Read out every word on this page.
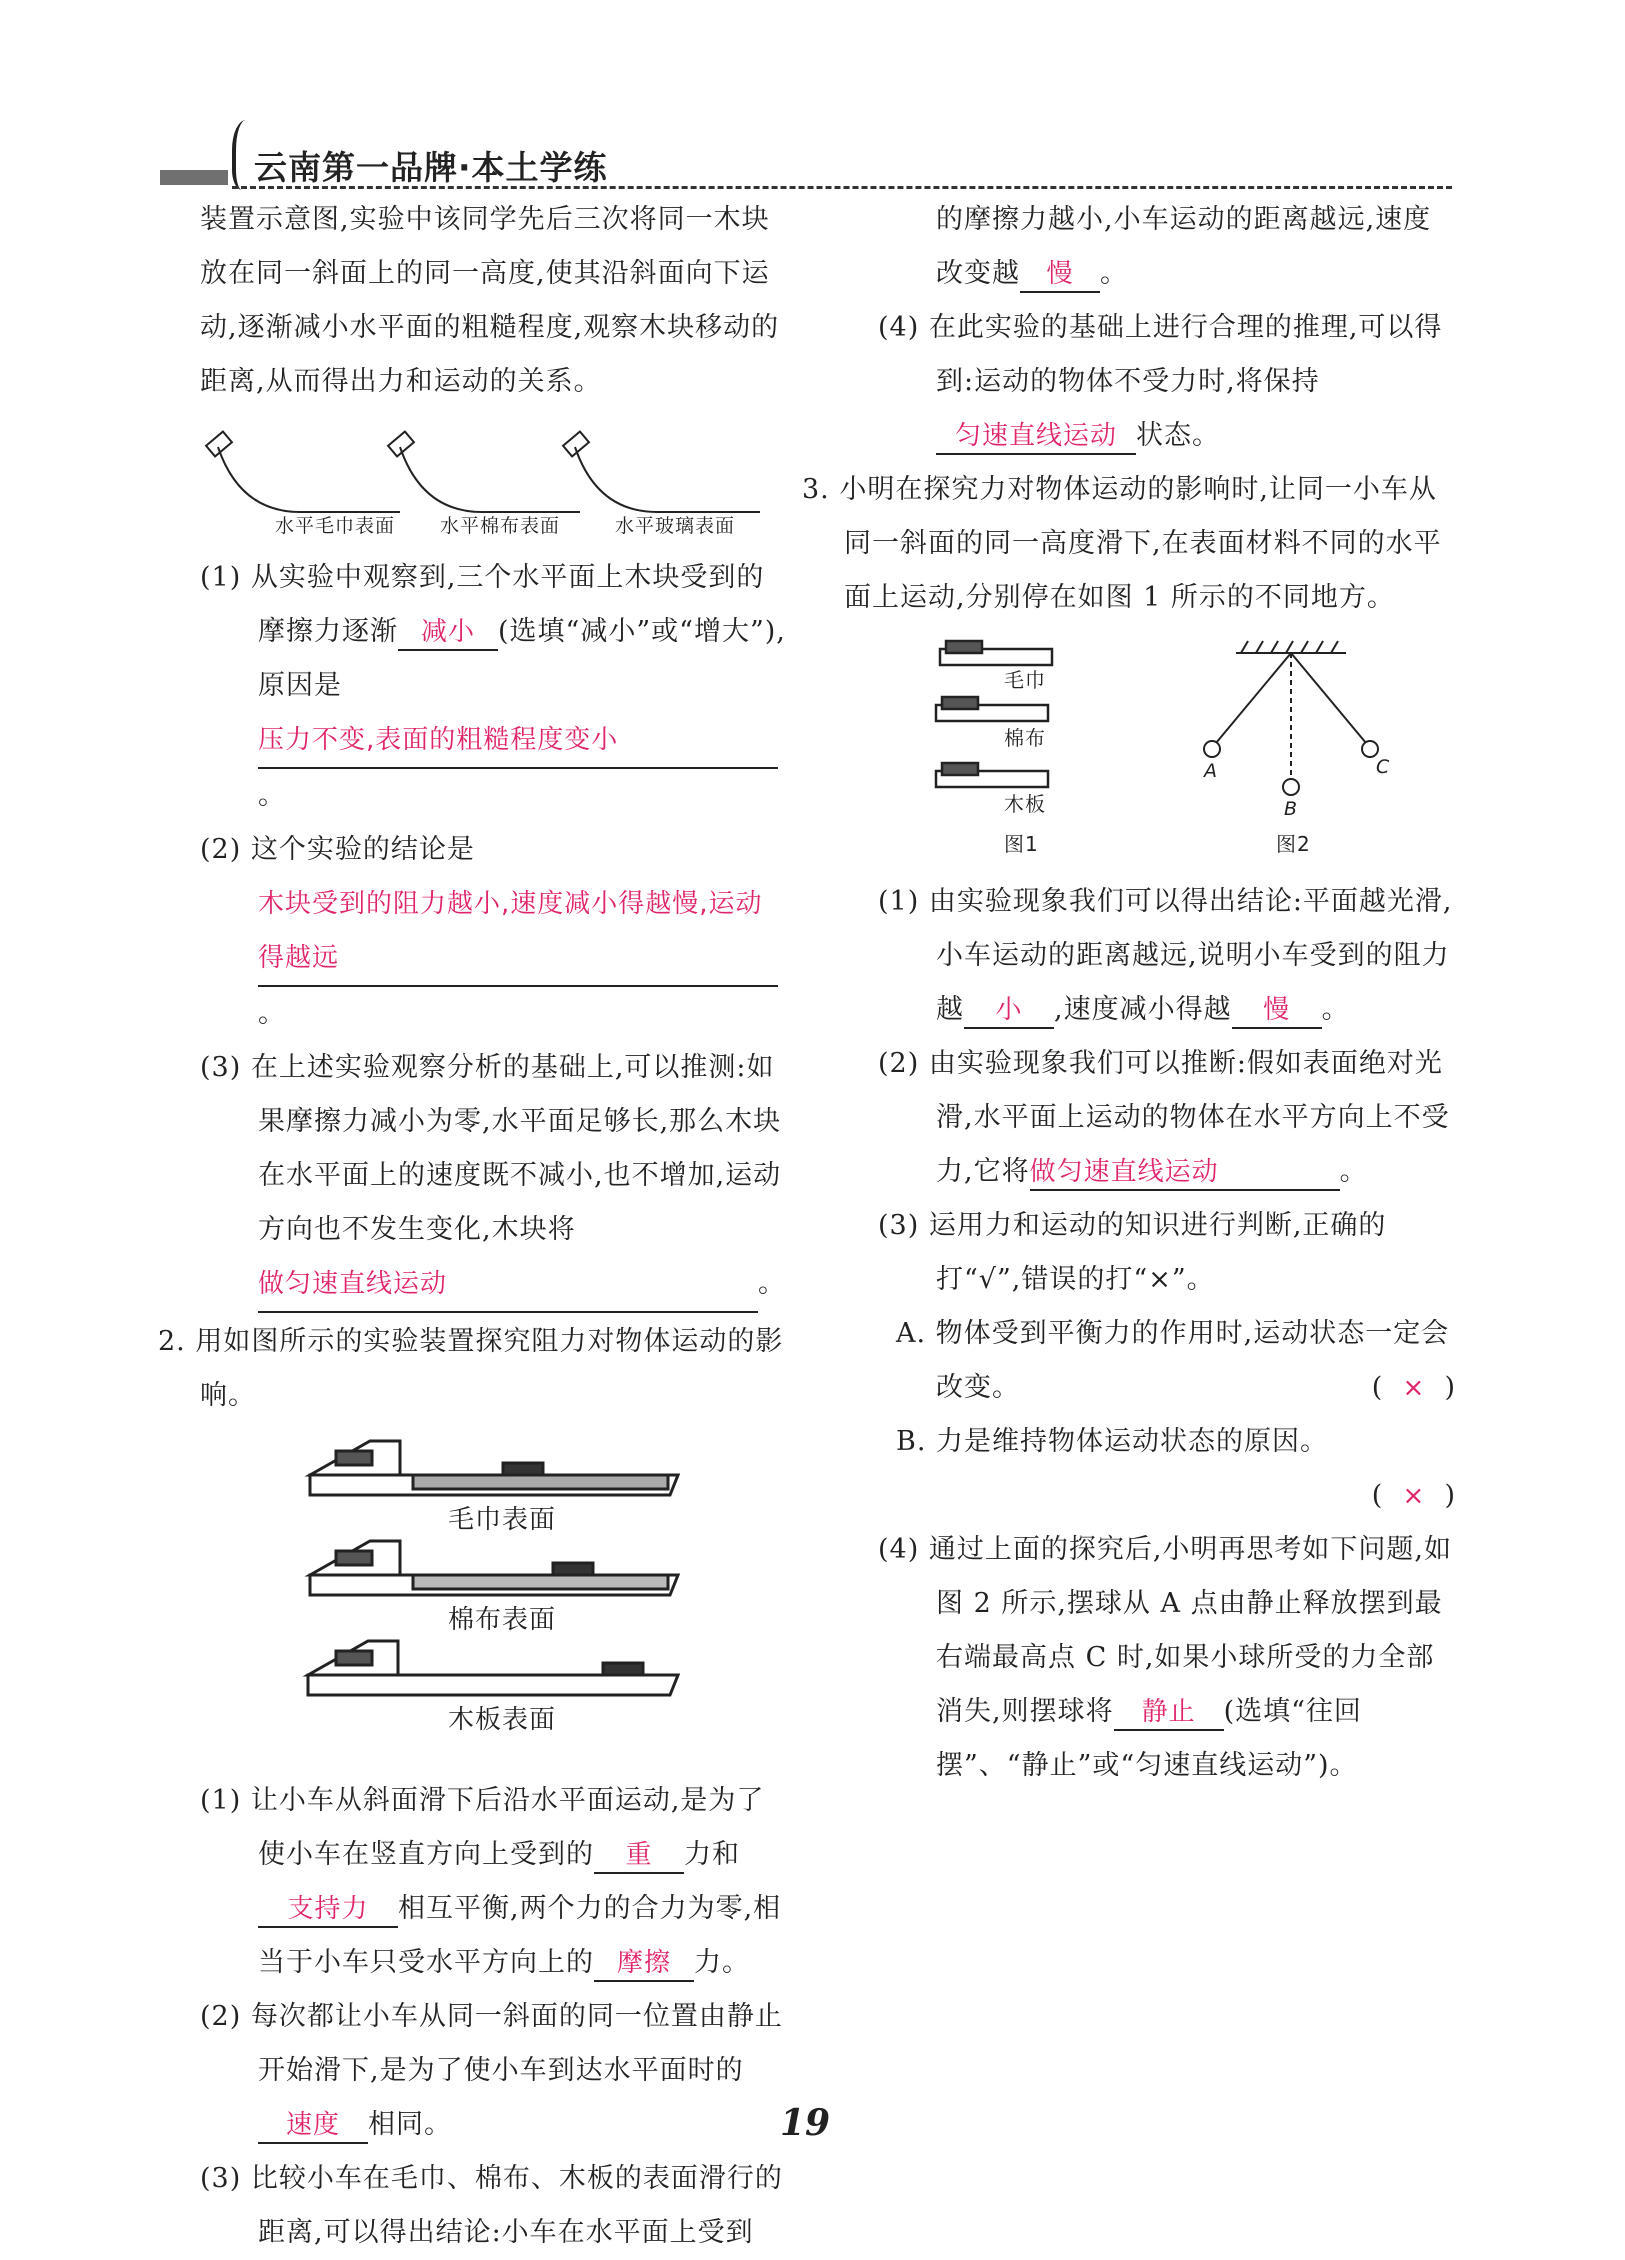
云南第一品牌·本土学练

装置示意图,实验中该同学先后三次将同一木块放在同一斜面上的同一高度,使其沿斜面向下运动,逐渐减小水平面的粗糙程度,观察木块移动的距离,从而得出力和运动的关系。

水平毛巾表面 水平棉布表面	水平玻璃表面

(1) 从实验中观察到,三个水平面上木块受到的摩擦力逐渐 减小 (选填“减小”或“增大”),原因是压力不变,表面的粗糙程度变小。

(2) 这个实验的结论是木块受到的阻力越小,速度减小得越慢,运动得越远。

(3) 在上述实验观察分析的基础上,可以推测:如果摩擦力减小为零,水平面足够长,那么木块在水平面上的速度既不减小,也不增加,运动方向也不发生变化,木块将做匀速直线运动	。

2. 用如图所示的实验装置探究阻力对物体运动的影响。

毛巾表面
棉布表面
木板表面

(1) 让小车从斜面滑下后沿水平面运动,是为了使小车在竖直方向上受到的 重 力和支持力 相互平衡,两个力的合力为零,相当于小车只受水平方向上的 摩擦 力。

(2) 每次都让小车从同一斜面的同一位置由静止开始滑下,是为了使小车到达水平面时的速度 相同。

(3) 比较小车在毛巾、棉布、木板的表面滑行的距离,可以得出结论:小车在水平面上受到

的摩擦力越小,小车运动的距离越远,速度改变越 慢 。

(4) 在此实验的基础上进行合理的推理,可以得到:运动的物体不受力时,将保持匀速直线运动 状态。

3. 小明在探究力对物体运动的影响时,让同一小车从同一斜面的同一高度滑下,在表面材料不同的水平面上运动,分别停在如图 1 所示的不同地方。

毛巾
棉布
木板
图1
A
B
C
图2

(1) 由实验现象我们可以得出结论:平面越光滑,小车运动的距离越远,说明小车受到的阻力越 小 ,速度减小得越 慢 。

(2) 由实验现象我们可以推断:假如表面绝对光滑,水平面上运动的物体在水平方向上不受力,它将做匀速直线运动	。

(3) 运用力和运动的知识进行判断,正确的打“√”,错误的打“×”。

A. 物体受到平衡力的作用时,运动状态一定会改变。	(  ×  )

B. 力是维持物体运动状态的原因。

(  ×  )

(4) 通过上面的探究后,小明再思考如下问题,如图 2 所示,摆球从 A 点由静止释放摆到最右端最高点 C 时,如果小球所受的力全部消失,则摆球将 静止 (选填“往回摆”、“静止”或“匀速直线运动”)。

19
